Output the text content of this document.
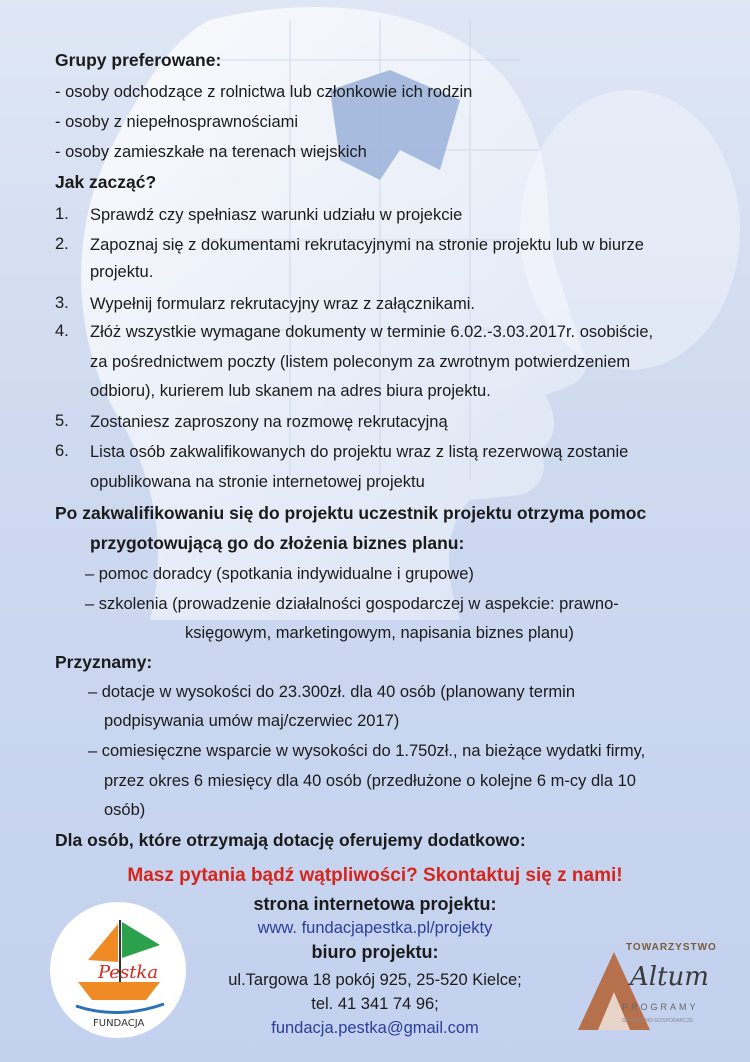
Grupy preferowane:
- osoby odchodzące z rolnictwa lub członkowie ich rodzin
- osoby z niepełnosprawnościami
- osoby zamieszkałe na terenach wiejskich
Jak zacząć?
1. Sprawdź czy spełniasz warunki udziału w projekcie
2. Zapoznaj się z dokumentami rekrutacyjnymi na stronie projektu lub w biurze
projektu.
3. Wypełnij formularz rekrutacyjny wraz z załącznikami.
4. Złóż wszystkie wymagane dokumenty w terminie 6.02.-3.03.2017r. osobiście,
za pośrednictwem poczty (listem poleconym za zwrotnym potwierdzeniem
odbioru), kurierem lub skanem na adres biura projektu.
5. Zostaniesz zaproszony na rozmowę rekrutacyjną
6. Lista osób zakwalifikowanych do projektu wraz z listą rezerwową zostanie
opublikowana na stronie internetowej projektu
Po zakwalifikowaniu się do projektu uczestnik projektu otrzyma pomoc
przygotowującą go do złożenia biznes planu:
– pomoc doradcy (spotkania indywidualne i grupowe)
– szkolenia (prowadzenie działalności gospodarczej w aspekcie: prawno-
księgowym, marketingowym, napisania biznes planu)
Przyznamy:
– dotacje w wysokości do 23.300zł. dla 40 osób (planowany termin
podpisywania umów maj/czerwiec 2017)
– comiesięczne wsparcie w wysokości do 1.750zł., na bieżące wydatki firmy,
przez okres 6 miesięcy dla 40 osób (przedłużone o kolejne 6 m-cy dla 10
osób)
Dla osób, które otrzymają dotację oferujemy dodatkowo:
Masz pytania bądź wątpliwości? Skontaktuj się z nami!
strona internetowa projektu:
www. fundacjapestka.pl/projekty
biuro projektu:
ul.Targowa 18 pokój 925, 25-520 Kielce;
tel. 41 341 74 96;
fundacja.pestka@gmail.com
Pestka
FUNDACJA
TOWARZYSTWO
Altum
PROGRAMY
SPOŁECZNO-GOSPODARCZE
